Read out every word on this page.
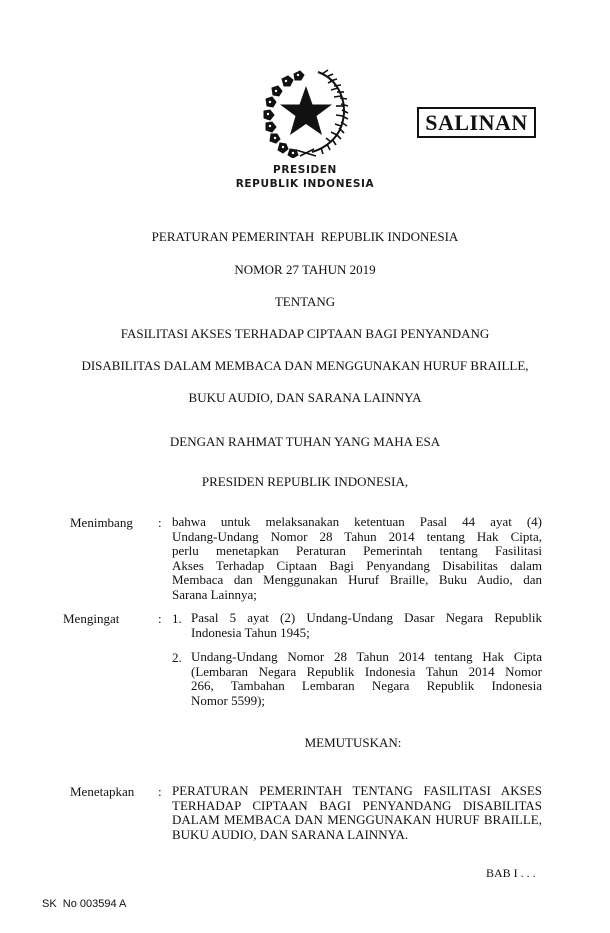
SALINAN
PRESIDEN
REPUBLIK INDONESIA
PERATURAN PEMERINTAH  REPUBLIK INDONESIA
NOMOR 27 TAHUN 2019
TENTANG
FASILITASI AKSES TERHADAP CIPTAAN BAGI PENYANDANG
DISABILITAS DALAM MEMBACA DAN MENGGUNAKAN HURUF BRAILLE,
BUKU AUDIO, DAN SARANA LAINNYA
DENGAN RAHMAT TUHAN YANG MAHA ESA
PRESIDEN REPUBLIK INDONESIA,
Menimbang : bahwa untuk melaksanakan ketentuan Pasal 44 ayat (4)
Undang-Undang Nomor 28 Tahun 2014 tentang Hak Cipta,
perlu menetapkan Peraturan Pemerintah tentang Fasilitasi
Akses Terhadap Ciptaan Bagi Penyandang Disabilitas dalam
Membaca dan Menggunakan Huruf Braille, Buku Audio, dan
Sarana Lainnya;
Mengingat	: 1. Pasal 5 ayat (2) Undang-Undang Dasar Negara Republik
Indonesia Tahun 1945;
2. Undang-Undang Nomor 28 Tahun 2014 tentang Hak Cipta
(Lembaran Negara Republik Indonesia Tahun 2014 Nomor
266, Tambahan Lembaran Negara Republik Indonesia
Nomor 5599);
MEMUTUSKAN:
Menetapkan : PERATURAN PEMERINTAH TENTANG FASILITASI AKSES
TERHADAP CIPTAAN BAGI PENYANDANG DISABILITAS
DALAM MEMBACA DAN MENGGUNAKAN HURUF BRAILLE,
BUKU AUDIO, DAN SARANA LAINNYA.
BAB I . . .
SK  No 003594 A
